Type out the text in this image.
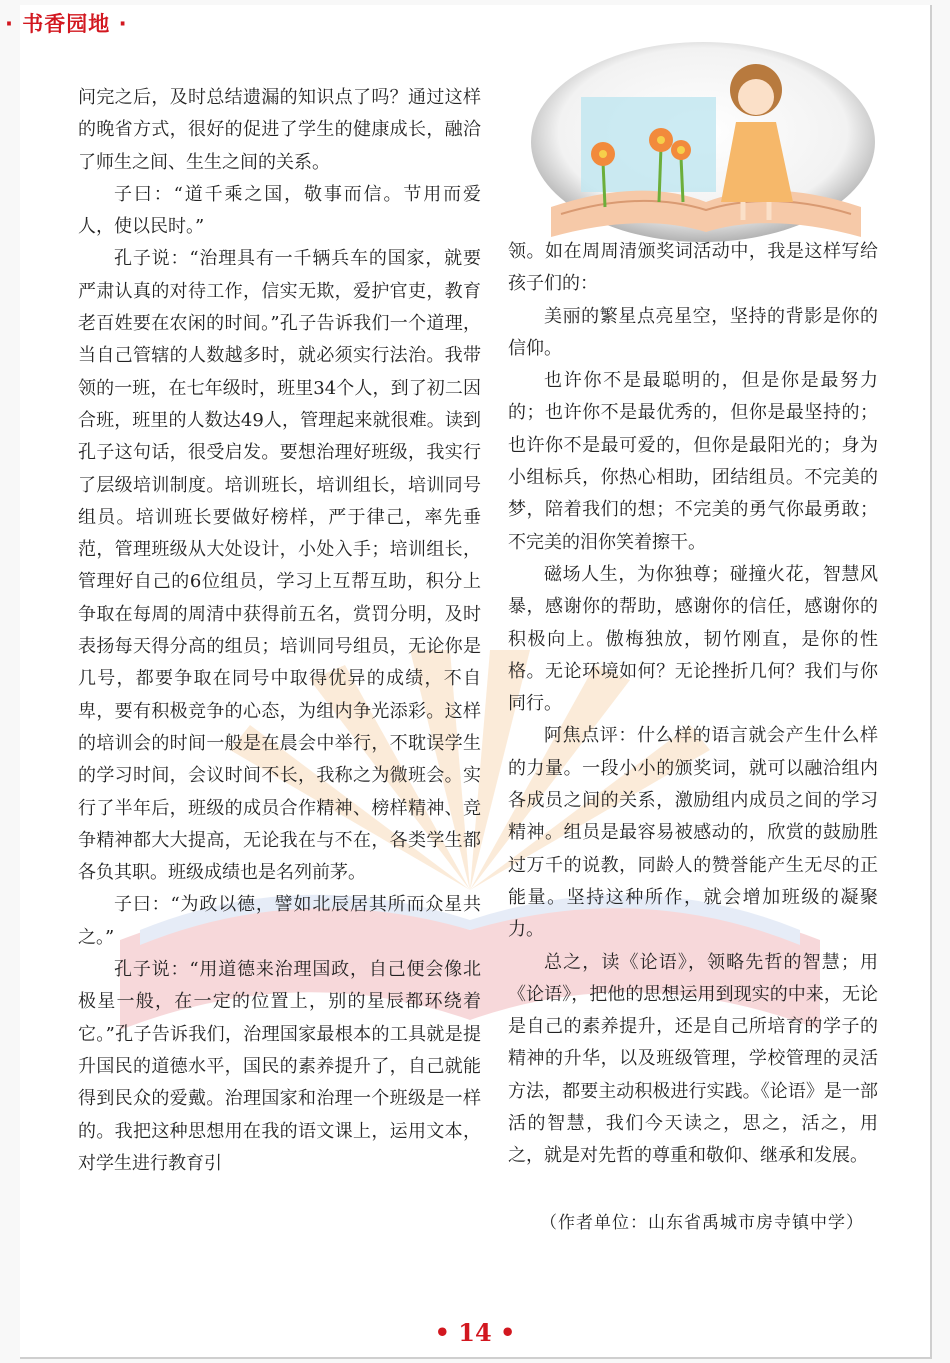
· 书香园地 ·

问完之后，及时总结遗漏的知识点了吗？通过这样的晚省方式，很好的促进了学生的健康成长，融洽了师生之间、生生之间的关系。

子曰：“道千乘之国，敬事而信。节用而爱人，使以民时。”

孔子说：“治理具有一千辆兵车的国家，就要严肃认真的对待工作，信实无欺，爱护官吏，教育老百姓要在农闲的时间。”孔子告诉我们一个道理，当自己管辖的人数越多时，就必须实行法治。我带领的一班，在七年级时，班里34个人，到了初二因合班，班里的人数达49人，管理起来就很难。读到孔子这句话，很受启发。要想治理好班级，我实行了层级培训制度。培训班长，培训组长，培训同号组员。培训班长要做好榜样，严于律己，率先垂范，管理班级从大处设计，小处入手；培训组长，管理好自己的6位组员，学习上互帮互助，积分上争取在每周的周清中获得前五名，赏罚分明，及时表扬每天得分高的组员；培训同号组员，无论你是几号，都要争取在同号中取得优异的成绩，不自卑，要有积极竞争的心态，为组内争光添彩。这样的培训会的时间一般是在晨会中举行，不耽误学生的学习时间，会议时间不长，我称之为微班会。实行了半年后，班级的成员合作精神、榜样精神、竞争精神都大大提高，无论我在与不在，各类学生都各负其职。班级成绩也是名列前茅。

子曰：“为政以德，譬如北辰居其所而众星共之。”

孔子说：“用道德来治理国政，自己便会像北极星一般，在一定的位置上，别的星辰都环绕着它。”孔子告诉我们，治理国家最根本的工具就是提升国民的道德水平，国民的素养提升了，自己就能得到民众的爱戴。治理国家和治理一个班级是一样的。我把这种思想用在我的语文课上，运用文本，对学生进行教育引

领。如在周周清颁奖词活动中，我是这样写给孩子们的：

美丽的繁星点亮星空，坚持的背影是你的信仰。

也许你不是最聪明的，但是你是最努力的；也许你不是最优秀的，但你是最坚持的；也许你不是最可爱的，但你是最阳光的；身为小组标兵，你热心相助，团结组员。不完美的梦，陪着我们的想；不完美的勇气你最勇敢；不完美的泪你笑着擦干。

磁场人生，为你独尊；碰撞火花，智慧风暴，感谢你的帮助，感谢你的信任，感谢你的积极向上。傲梅独放，韧竹刚直，是你的性格。无论环境如何？无论挫折几何？我们与你同行。

阿焦点评：什么样的语言就会产生什么样的力量。一段小小的颁奖词，就可以融洽组内各成员之间的关系，激励组内成员之间的学习精神。组员是最容易被感动的，欣赏的鼓励胜过万千的说教，同龄人的赞誉能产生无尽的正能量。坚持这种所作，就会增加班级的凝聚力。

总之，读《论语》，领略先哲的智慧；用《论语》，把他的思想运用到现实的中来，无论是自己的素养提升，还是自己所培育的学子的精神的升华，以及班级管理，学校管理的灵活方法，都要主动积极进行实践。《论语》是一部活的智慧，我们今天读之，思之，活之，用之，就是对先哲的尊重和敬仰、继承和发展。

（作者单位：山东省禹城市房寺镇中学）
• 14 •
